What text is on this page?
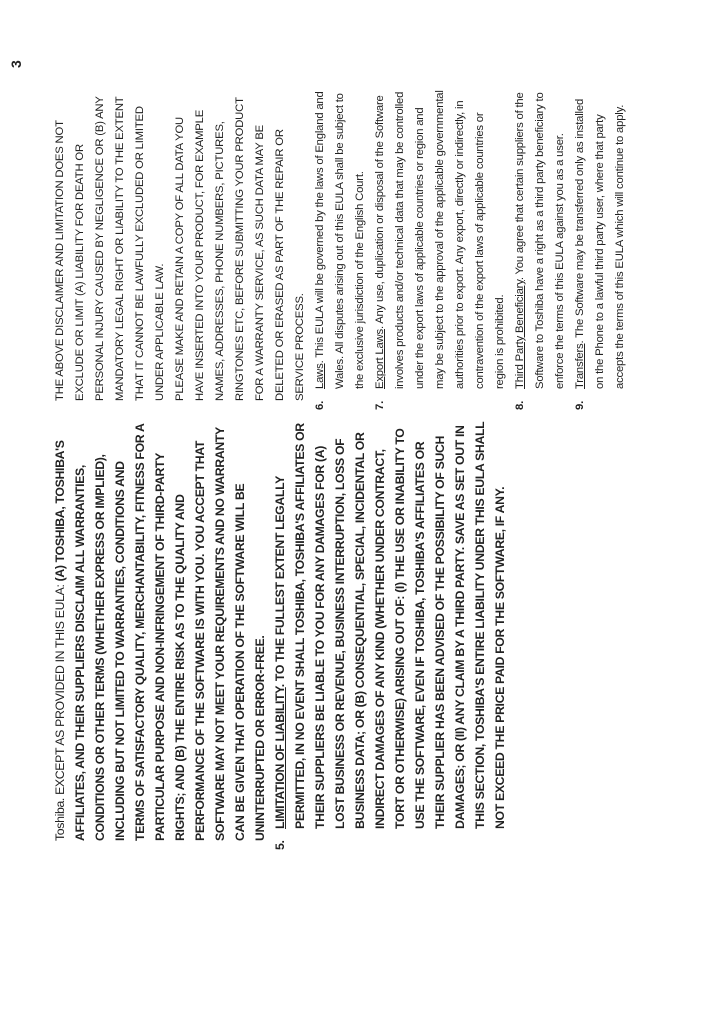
Toshiba. EXCEPT AS PROVIDED IN THIS EULA: (A) TOSHIBA, TOSHIBA'S AFFILIATES, AND THEIR SUPPLIERS DISCLAIM ALL WARRANTIES, CONDITIONS OR OTHER TERMS (WHETHER EXPRESS OR IMPLIED), INCLUDING BUT NOT LIMITED TO WARRANTIES, CONDITIONS AND TERMS OF SATISFACTORY QUALITY, MERCHANTABILITY, FITNESS FOR A PARTICULAR PURPOSE AND NON-INFRINGEMENT OF THIRD-PARTY RIGHTS; AND (B) THE ENTIRE RISK AS TO THE QUALITY AND PERFORMANCE OF THE SOFTWARE IS WITH YOU. YOU ACCEPT THAT SOFTWARE MAY NOT MEET YOUR REQUIREMENTS AND NO WARRANTY CAN BE GIVEN THAT OPERATION OF THE SOFTWARE WILL BE UNINTERRUPTED OR ERROR-FREE.

5.
LIMITATION OF LIABILITY. TO THE FULLEST EXTENT LEGALLY PERMITTED, IN NO EVENT SHALL TOSHIBA, TOSHIBA'S AFFILIATES OR THEIR SUPPLIERS BE LIABLE TO YOU FOR ANY DAMAGES FOR (A) LOST BUSINESS OR REVENUE, BUSINESS INTERRUPTION, LOSS OF BUSINESS DATA; OR (B) CONSEQUENTIAL, SPECIAL, INCIDENTAL OR INDIRECT DAMAGES OF ANY KIND (WHETHER UNDER CONTRACT, TORT OR OTHERWISE) ARISING OUT OF: (I) THE USE OR INABILITY TO USE THE SOFTWARE, EVEN IF TOSHIBA, TOSHIBA'S AFFILIATES OR THEIR SUPPLIER HAS BEEN ADVISED OF THE POSSIBILITY OF SUCH DAMAGES; OR (II) ANY CLAIM BY A THIRD PARTY. SAVE AS SET OUT IN THIS SECTION, TOSHIBA'S ENTIRE LIABILITY UNDER THIS EULA SHALL NOT EXCEED THE PRICE PAID FOR THE SOFTWARE, IF ANY.

THE ABOVE DISCLAIMER AND LIMITATION DOES NOT EXCLUDE OR LIMIT (A) LIABILITY FOR DEATH OR PERSONAL INJURY CAUSED BY NEGLIGENCE OR (B) ANY MANDATORY LEGAL RIGHT OR LIABILITY TO THE EXTENT THAT IT CANNOT BE LAWFULLY EXCLUDED OR LIMITED UNDER APPLICABLE LAW. PLEASE MAKE AND RETAIN A COPY OF ALL DATA YOU HAVE INSERTED INTO YOUR PRODUCT, FOR EXAMPLE NAMES, ADDRESSES, PHONE NUMBERS, PICTURES, RINGTONES ETC, BEFORE SUBMITTING YOUR PRODUCT FOR A WARRANTY SERVICE, AS SUCH DATA MAY BE DELETED OR ERASED AS PART OF THE REPAIR OR SERVICE PROCESS.

6.
Laws. This EULA will be governed by the laws of England and Wales. All disputes arising out of this EULA shall be subject to the exclusive jurisdiction of the English Court.
7.
Export Laws. Any use, duplication or disposal of the Software involves products and/or technical data that may be controlled under the export laws of applicable countries or region and may be subject to the approval of the applicable governmental authorities prior to export. Any export, directly or indirectly, in contravention of the export laws of applicable countries or region is prohibited.
8.
Third Party Beneficiary. You agree that certain suppliers of the Software to Toshiba have a right as a third party beneficiary to enforce the terms of this EULA against you as a user.
9.
Transfers. The Software may be transferred only as installed on the Phone to a lawful third party user, where that party accepts the terms of this EULA which will continue to apply.
3
